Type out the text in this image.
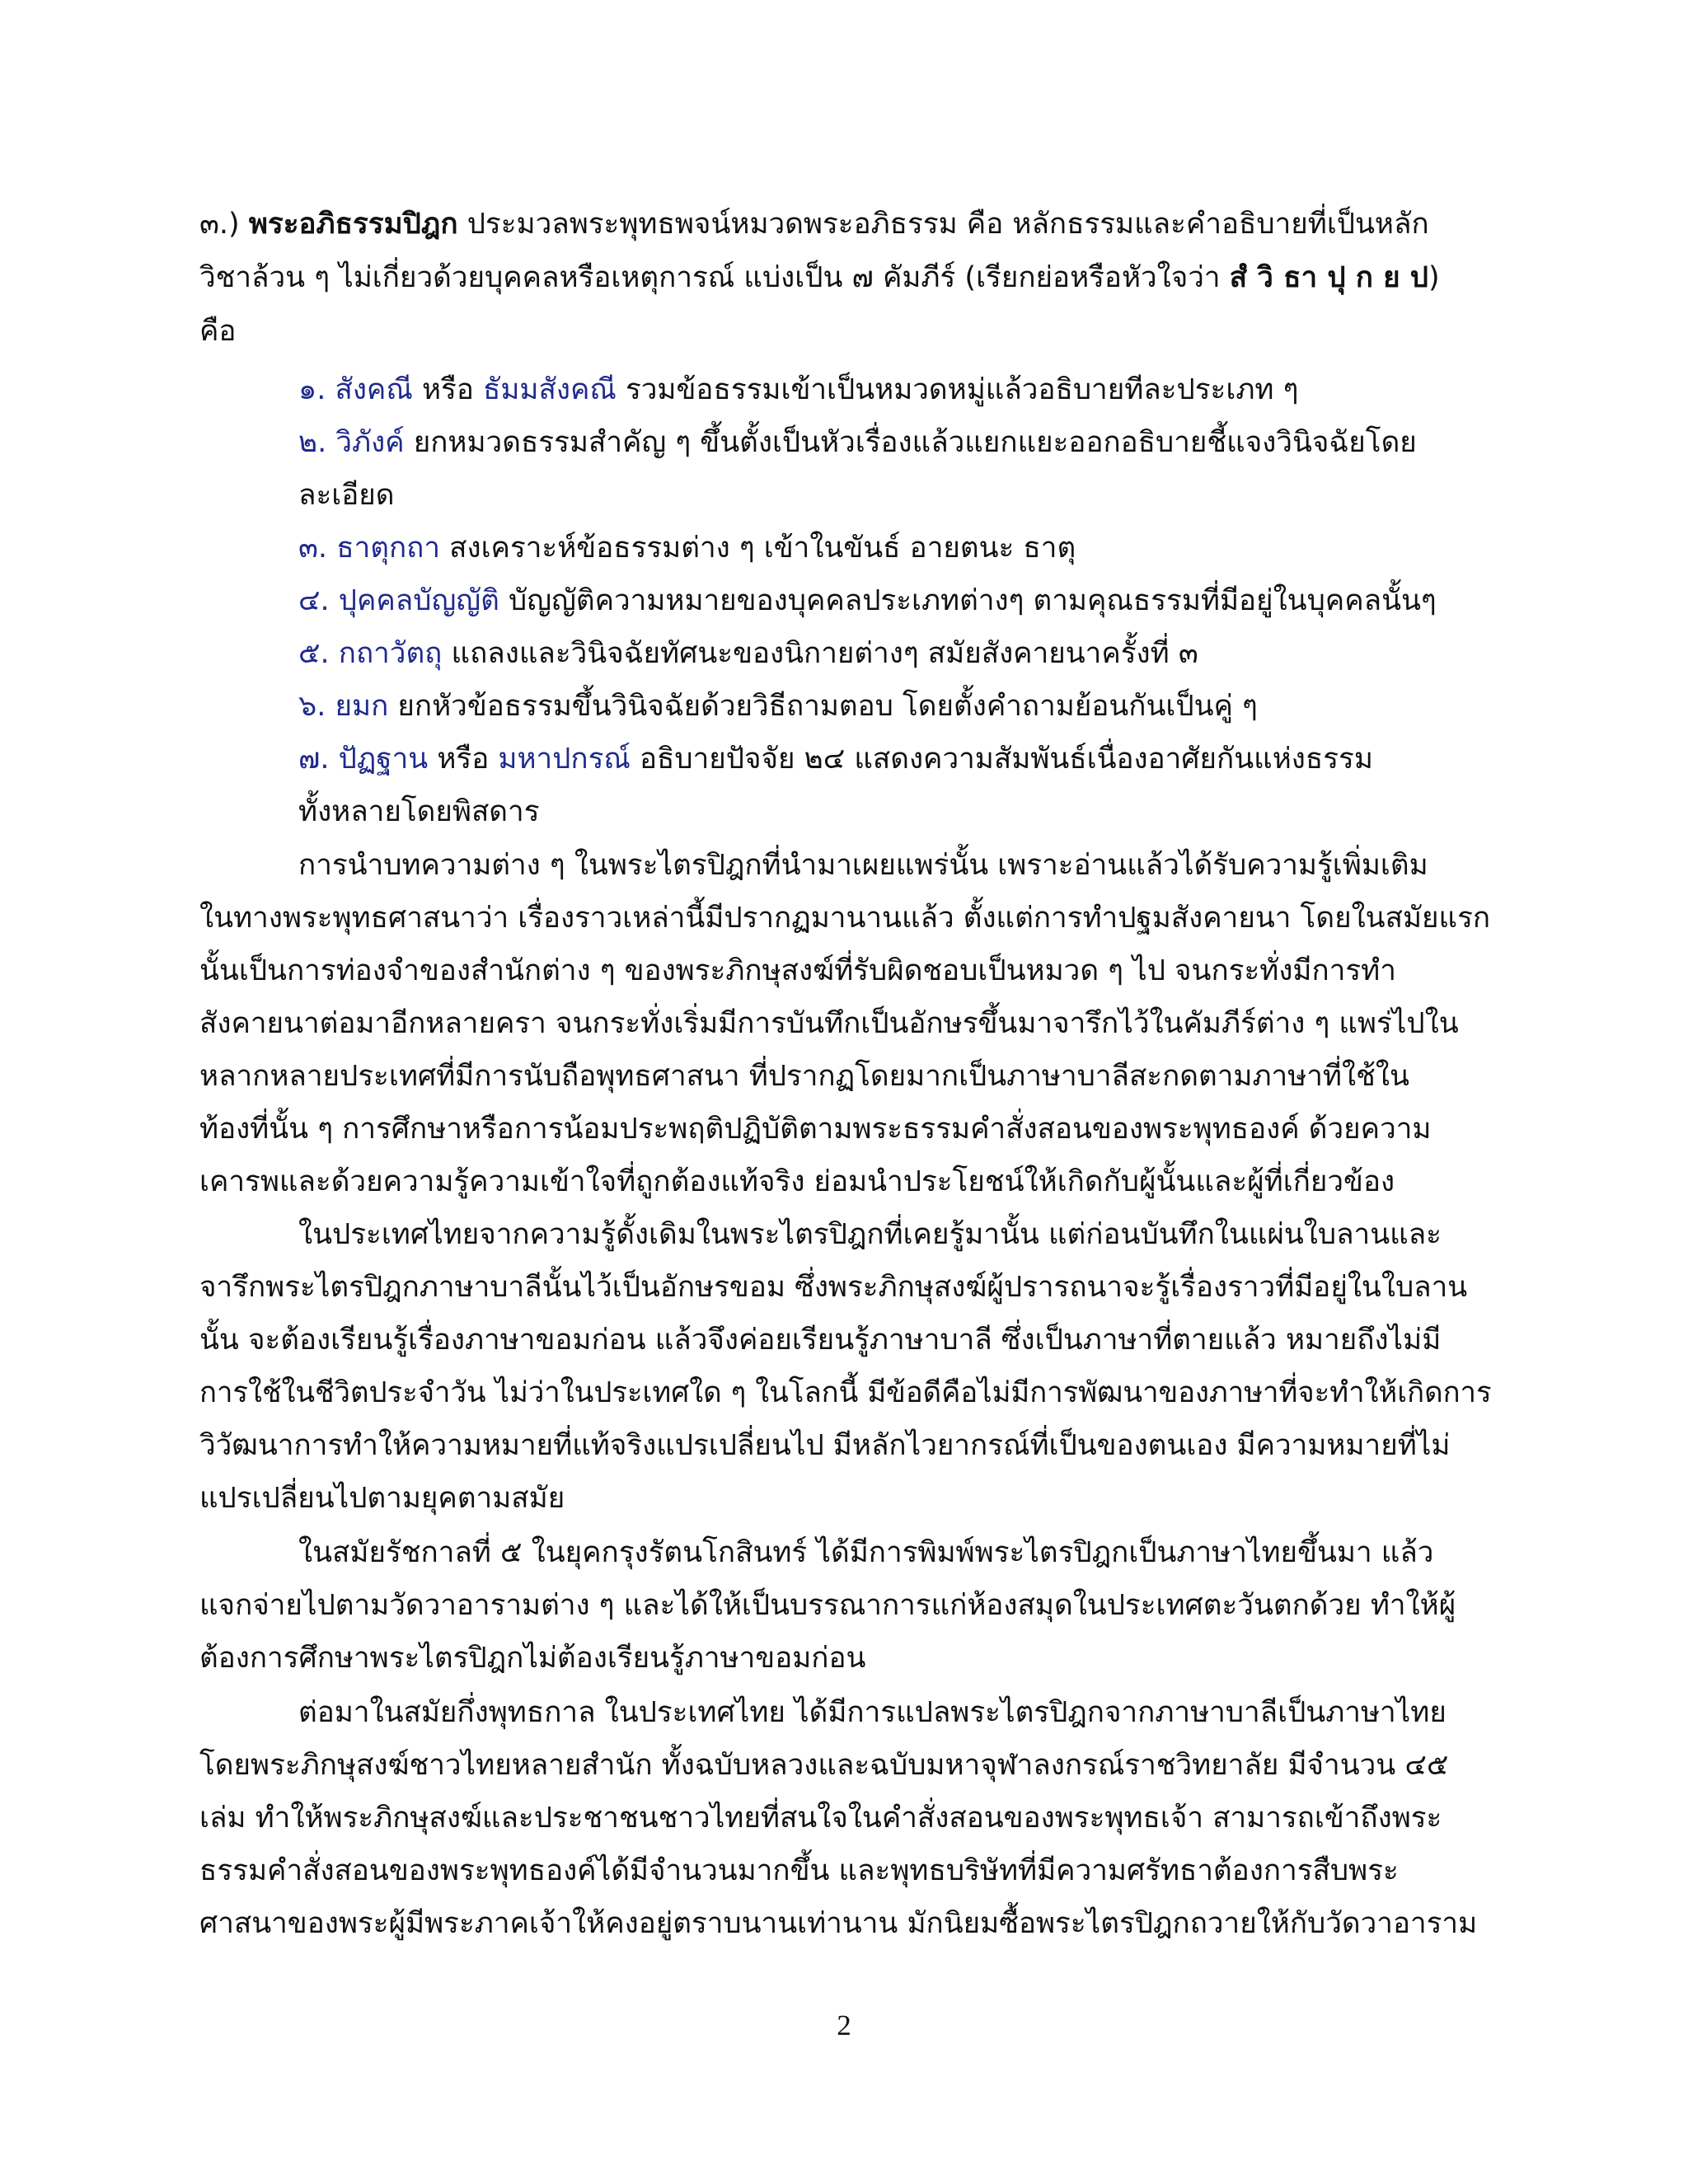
๓.) พระอภิธรรมปิฎก ประมวลพระพุทธพจน์หมวดพระอภิธรรม คือ หลักธรรมและคำอธิบายที่เป็นหลัก
วิชาล้วน ๆ ไม่เกี่ยวด้วยบุคคลหรือเหตุการณ์ แบ่งเป็น ๗ คัมภีร์ (เรียกย่อหรือหัวใจว่า สํ วิ ธา ปุ ก ย ป)
คือ
๑. สังคณี หรือ ธัมมสังคณี รวมข้อธรรมเข้าเป็นหมวดหมู่แล้วอธิบายทีละประเภท ๆ
๒. วิภังค์ ยกหมวดธรรมสำคัญ ๆ ขึ้นตั้งเป็นหัวเรื่องแล้วแยกแยะออกอธิบายชี้แจงวินิจฉัยโดย
ละเอียด
๓. ธาตุกถา สงเคราะห์ข้อธรรมต่าง ๆ เข้าในขันธ์ อายตนะ ธาตุ
๔. ปุคคลบัญญัติ บัญญัติความหมายของบุคคลประเภทต่างๆ ตามคุณธรรมที่มีอยู่ในบุคคลนั้นๆ
๕. กถาวัตถุ แถลงและวินิจฉัยทัศนะของนิกายต่างๆ สมัยสังคายนาครั้งที่ ๓
๖. ยมก ยกหัวข้อธรรมขึ้นวินิจฉัยด้วยวิธีถามตอบ โดยตั้งคำถามย้อนกันเป็นคู่ ๆ
๗. ปัฏฐาน หรือ มหาปกรณ์ อธิบายปัจจัย ๒๔ แสดงความสัมพันธ์เนื่องอาศัยกันแห่งธรรม
ทั้งหลายโดยพิสดาร
การนำบทความต่าง ๆ ในพระไตรปิฎกที่นำมาเผยแพร่นั้น เพราะอ่านแล้วได้รับความรู้เพิ่มเติม
ในทางพระพุทธศาสนาว่า เรื่องราวเหล่านี้มีปรากฏมานานแล้ว ตั้งแต่การทำปฐมสังคายนา โดยในสมัยแรก
นั้นเป็นการท่องจำของสำนักต่าง ๆ ของพระภิกษุสงฆ์ที่รับผิดชอบเป็นหมวด ๆ ไป จนกระทั่งมีการทำ
สังคายนาต่อมาอีกหลายครา จนกระทั่งเริ่มมีการบันทึกเป็นอักษรขึ้นมาจารึกไว้ในคัมภีร์ต่าง ๆ แพร่ไปใน
หลากหลายประเทศที่มีการนับถือพุทธศาสนา ที่ปรากฏโดยมากเป็นภาษาบาลีสะกดตามภาษาที่ใช้ใน
ท้องที่นั้น ๆ การศึกษาหรือการน้อมประพฤติปฏิบัติตามพระธรรมคำสั่งสอนของพระพุทธองค์ ด้วยความ
เคารพและด้วยความรู้ความเข้าใจที่ถูกต้องแท้จริง ย่อมนำประโยชน์ให้เกิดกับผู้นั้นและผู้ที่เกี่ยวข้อง
ในประเทศไทยจากความรู้ดั้งเดิมในพระไตรปิฎกที่เคยรู้มานั้น แต่ก่อนบันทึกในแผ่นใบลานและ
จารึกพระไตรปิฎกภาษาบาลีนั้นไว้เป็นอักษรขอม ซึ่งพระภิกษุสงฆ์ผู้ปรารถนาจะรู้เรื่องราวที่มีอยู่ในใบลาน
นั้น จะต้องเรียนรู้เรื่องภาษาขอมก่อน แล้วจึงค่อยเรียนรู้ภาษาบาลี ซึ่งเป็นภาษาที่ตายแล้ว หมายถึงไม่มี
การใช้ในชีวิตประจำวัน ไม่ว่าในประเทศใด ๆ ในโลกนี้ มีข้อดีคือไม่มีการพัฒนาของภาษาที่จะทำให้เกิดการ
วิวัฒนาการทำให้ความหมายที่แท้จริงแปรเปลี่ยนไป มีหลักไวยากรณ์ที่เป็นของตนเอง มีความหมายที่ไม่
แปรเปลี่ยนไปตามยุคตามสมัย
ในสมัยรัชกาลที่ ๕ ในยุคกรุงรัตนโกสินทร์ ได้มีการพิมพ์พระไตรปิฎกเป็นภาษาไทยขึ้นมา แล้ว
แจกจ่ายไปตามวัดวาอารามต่าง ๆ และได้ให้เป็นบรรณาการแก่ห้องสมุดในประเทศตะวันตกด้วย ทำให้ผู้
ต้องการศึกษาพระไตรปิฎกไม่ต้องเรียนรู้ภาษาขอมก่อน
ต่อมาในสมัยกึ่งพุทธกาล ในประเทศไทย ได้มีการแปลพระไตรปิฎกจากภาษาบาลีเป็นภาษาไทย
โดยพระภิกษุสงฆ์ชาวไทยหลายสำนัก ทั้งฉบับหลวงและฉบับมหาจุฬาลงกรณ์ราชวิทยาลัย มีจำนวน ๔๕
เล่ม ทำให้พระภิกษุสงฆ์และประชาชนชาวไทยที่สนใจในคำสั่งสอนของพระพุทธเจ้า สามารถเข้าถึงพระ
ธรรมคำสั่งสอนของพระพุทธองค์ได้มีจำนวนมากขึ้น และพุทธบริษัทที่มีความศรัทธาต้องการสืบพระ
ศาสนาของพระผู้มีพระภาคเจ้าให้คงอยู่ตราบนานเท่านาน มักนิยมซื้อพระไตรปิฎกถวายให้กับวัดวาอาราม
2
